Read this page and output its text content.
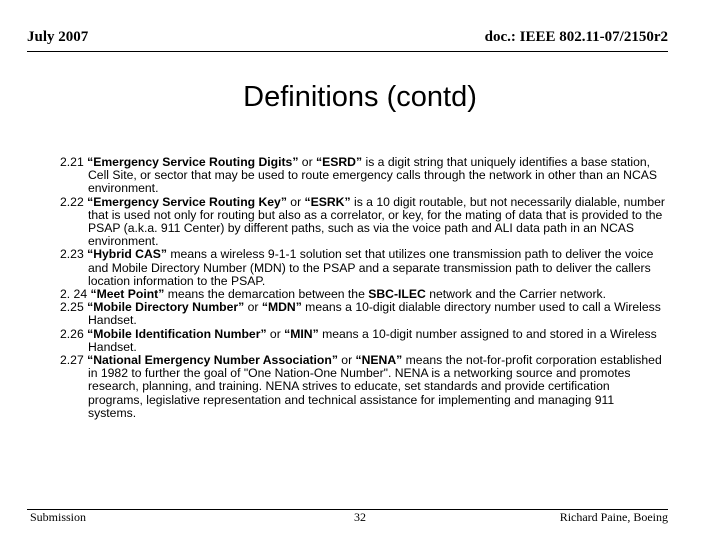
July 2007	doc.: IEEE 802.11-07/2150r2
Definitions (contd)

2.21 “Emergency Service Routing Digits” or “ESRD” is a digit string that uniquely identifies a base station, Cell Site, or sector that may be used to route emergency calls through the network in other than an NCAS environment.

2.22 “Emergency Service Routing Key” or “ESRK” is a 10 digit routable, but not necessarily dialable, number that is used not only for routing but also as a correlator, or key, for the mating of data that is provided to the PSAP (a.k.a. 911 Center) by different paths, such as via the voice path and ALI data path in an NCAS environment.

2.23 “Hybrid CAS” means a wireless 9-1-1 solution set that utilizes one transmission path to deliver the voice and Mobile Directory Number (MDN) to the PSAP and a separate transmission path to deliver the callers location information to the PSAP.

2. 24 “Meet Point” means the demarcation between the SBC-ILEC network and the Carrier network.

2.25 “Mobile Directory Number” or “MDN” means a 10-digit dialable directory number used to call a Wireless Handset.

2.26 “Mobile Identification Number” or “MIN” means a 10-digit number assigned to and stored in a Wireless Handset.

2.27 “National Emergency Number Association” or “NENA” means the not-for-profit corporation established in 1982 to further the goal of "One Nation-One Number". NENA is a networking source and promotes research, planning, and training. NENA strives to educate, set standards and provide certification programs, legislative representation and technical assistance for implementing and managing 911 systems.

Submission	32	Richard Paine, Boeing
